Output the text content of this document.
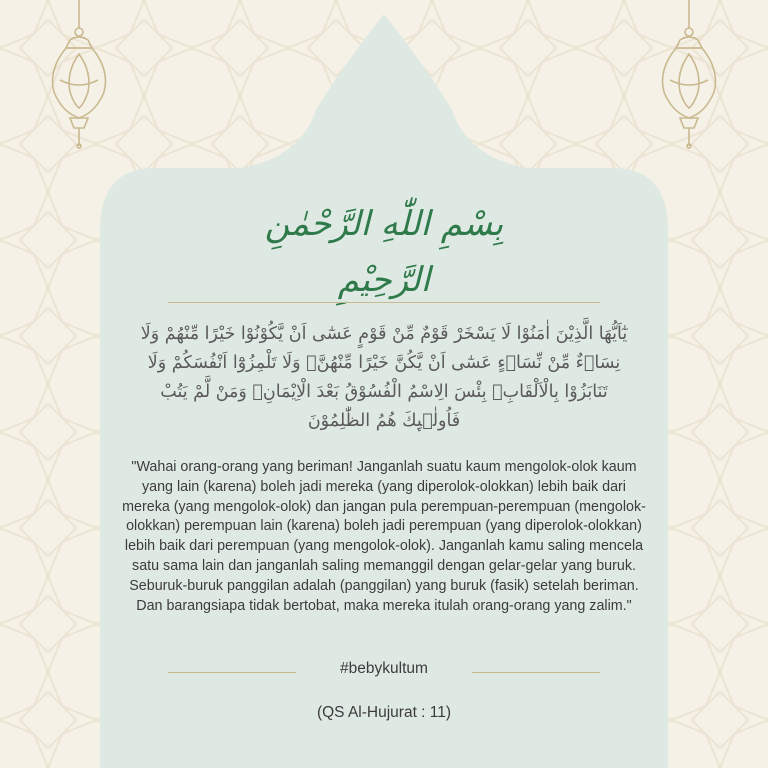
بِسْمِ اللّٰهِ الرَّحْمٰنِ الرَّحِيْمِ
يٰٓاَيُّهَا الَّذِيْنَ اٰمَنُوْا لَا يَسْخَرْ قَوْمٌ مِّنْ قَوْمٍ عَسٰٓى اَنْ يَّكُوْنُوْا خَيْرًا مِّنْهُمْ وَلَا نِسَاۤءٌ مِّنْ نِّسَاۤءٍ عَسٰٓى اَنْ يَّكُنَّ خَيْرًا مِّنْهُنَّۚ وَلَا تَلْمِزُوْٓا اَنْفُسَكُمْ وَلَا تَنَابَزُوْا بِالْاَلْقَابِۗ بِئْسَ الِاسْمُ الْفُسُوْقُ بَعْدَ الْاِيْمَانِۚ وَمَنْ لَّمْ يَتُبْ فَاُولٰۤىِٕكَ هُمُ الظّٰلِمُوْنَ
"Wahai orang-orang yang beriman! Janganlah suatu kaum mengolok-olok kaum yang lain (karena) boleh jadi mereka (yang diperolok-olokkan) lebih baik dari mereka (yang mengolok-olok) dan jangan pula perempuan-perempuan (mengolok-olokkan) perempuan lain (karena) boleh jadi perempuan (yang diperolok-olokkan) lebih baik dari perempuan (yang mengolok-olok). Janganlah kamu saling mencela satu sama lain dan janganlah saling memanggil dengan gelar-gelar yang buruk. Seburuk-buruk panggilan adalah (panggilan) yang buruk (fasik) setelah beriman. Dan barangsiapa tidak bertobat, maka mereka itulah orang-orang yang zalim."
#bebykultum
(QS Al-Hujurat : 11)
